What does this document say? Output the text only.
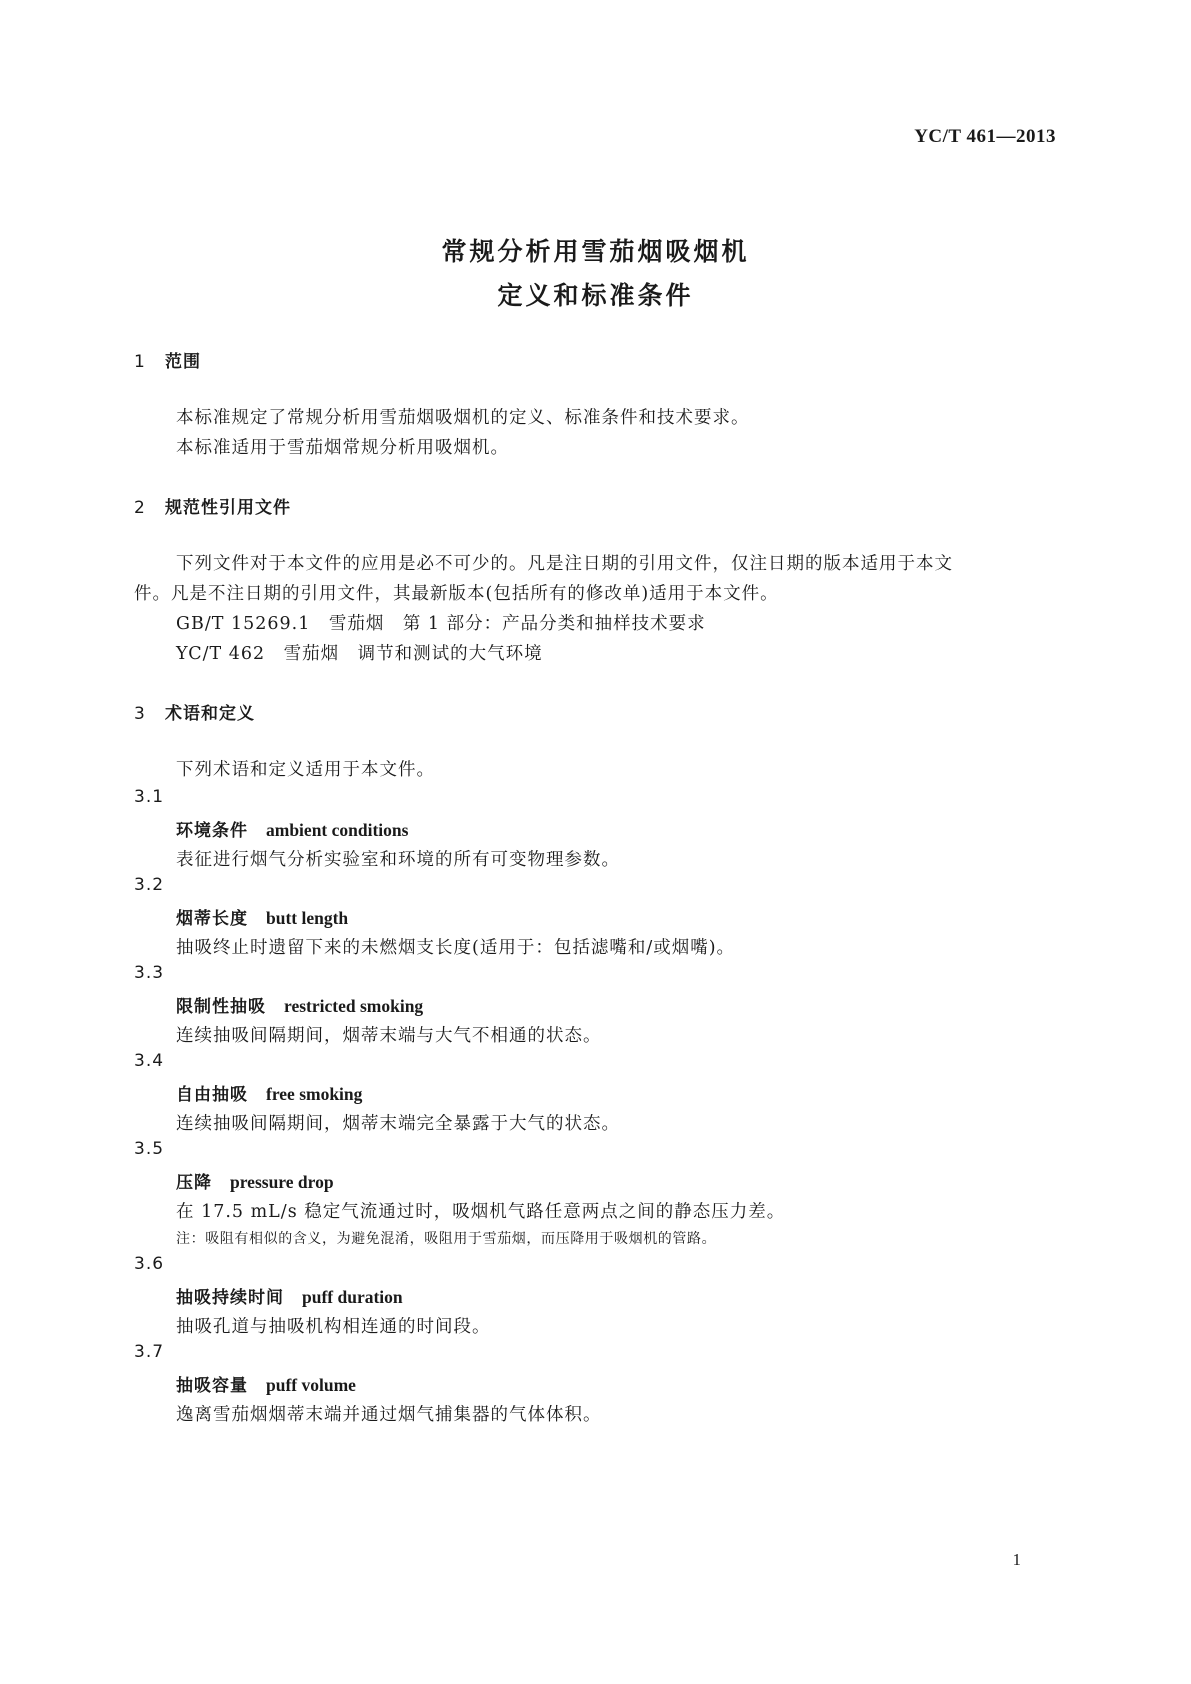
YC/T 461—2013
常规分析用雪茄烟吸烟机
定义和标准条件
1 范围
本标准规定了常规分析用雪茄烟吸烟机的定义、标准条件和技术要求。
本标准适用于雪茄烟常规分析用吸烟机。
2 规范性引用文件
下列文件对于本文件的应用是必不可少的。凡是注日期的引用文件，仅注日期的版本适用于本文
件。凡是不注日期的引用文件，其最新版本(包括所有的修改单)适用于本文件。
GB/T 15269.1　雪茄烟　第 1 部分：产品分类和抽样技术要求
YC/T 462　雪茄烟　调节和测试的大气环境
3 术语和定义
下列术语和定义适用于本文件。
3.1
环境条件 ambient conditions
表征进行烟气分析实验室和环境的所有可变物理参数。
3.2
烟蒂长度 butt length
抽吸终止时遗留下来的未燃烟支长度(适用于：包括滤嘴和/或烟嘴)。
3.3
限制性抽吸 restricted smoking
连续抽吸间隔期间，烟蒂末端与大气不相通的状态。
3.4
自由抽吸 free smoking
连续抽吸间隔期间，烟蒂末端完全暴露于大气的状态。
3.5
压降 pressure drop
在 17.5 mL/s 稳定气流通过时，吸烟机气路任意两点之间的静态压力差。
注：吸阻有相似的含义，为避免混淆，吸阻用于雪茄烟，而压降用于吸烟机的管路。
3.6
抽吸持续时间 puff duration
抽吸孔道与抽吸机构相连通的时间段。
3.7
抽吸容量 puff volume
逸离雪茄烟烟蒂末端并通过烟气捕集器的气体体积。
1
